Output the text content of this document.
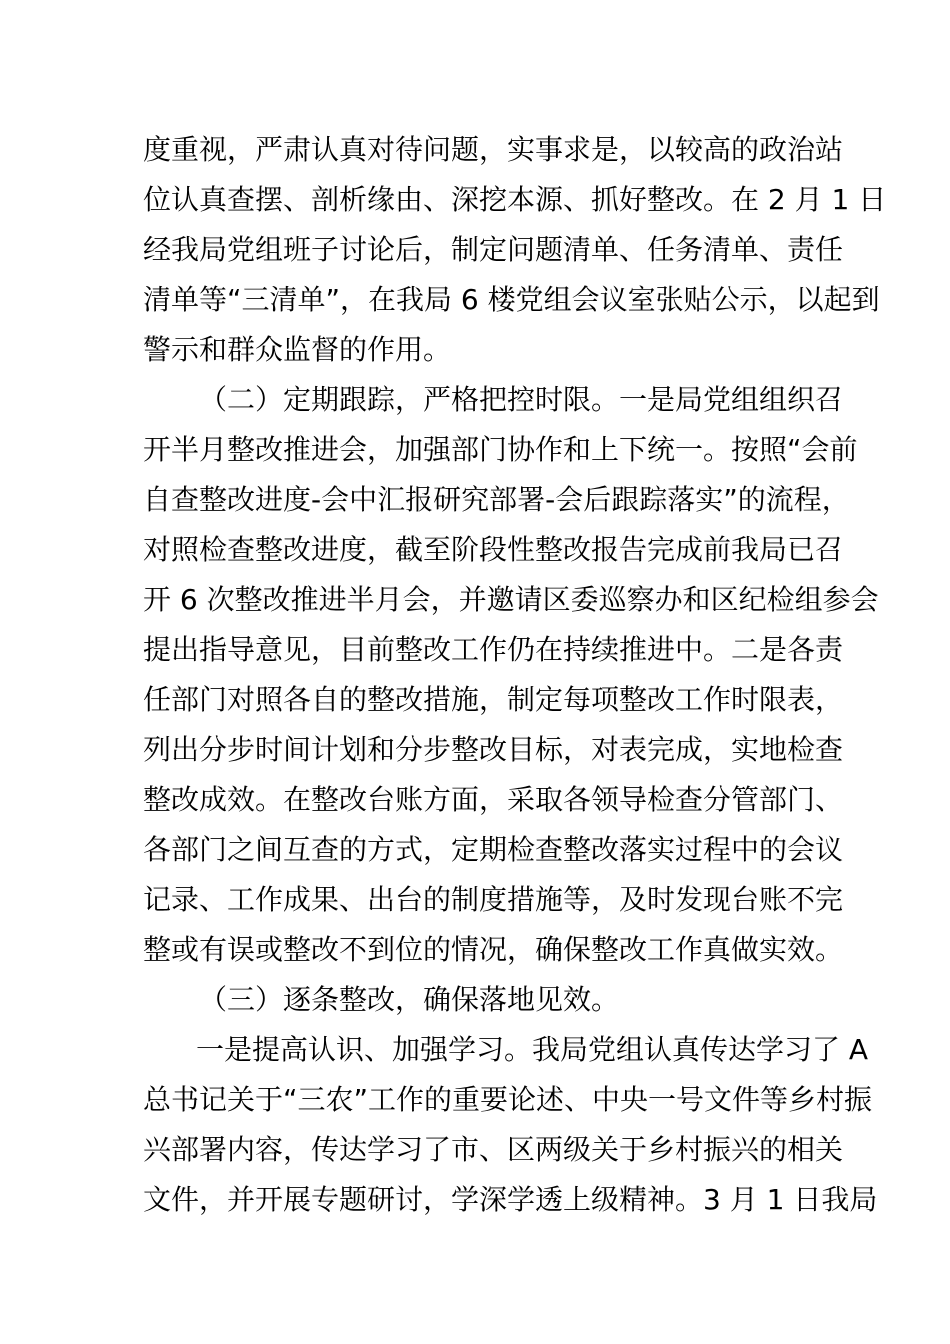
度重视，严肃认真对待问题，实事求是，以较高的政治站

位认真查摆、剖析缘由、深挖本源、抓好整改。在 2 月 1 日

经我局党组班子讨论后，制定问题清单、任务清单、责任

清单等“三清单”，在我局 6 楼党组会议室张贴公示，以起到

警示和群众监督的作用。

（二）定期跟踪，严格把控时限。一是局党组组织召

开半月整改推进会，加强部门协作和上下统一。按照“会前

自查整改进度-会中汇报研究部署-会后跟踪落实”的流程，

对照检查整改进度，截至阶段性整改报告完成前我局已召

开 6 次整改推进半月会，并邀请区委巡察办和区纪检组参会

提出指导意见，目前整改工作仍在持续推进中。二是各责

任部门对照各自的整改措施，制定每项整改工作时限表，

列出分步时间计划和分步整改目标，对表完成，实地检查

整改成效。在整改台账方面，采取各领导检查分管部门、

各部门之间互查的方式，定期检查整改落实过程中的会议

记录、工作成果、出台的制度措施等，及时发现台账不完

整或有误或整改不到位的情况，确保整改工作真做实效。

（三）逐条整改，确保落地见效。

一是提高认识、加强学习。我局党组认真传达学习了 A

总书记关于“三农”工作的重要论述、中央一号文件等乡村振

兴部署内容，传达学习了市、区两级关于乡村振兴的相关

文件，并开展专题研讨，学深学透上级精神。3 月 1 日我局
